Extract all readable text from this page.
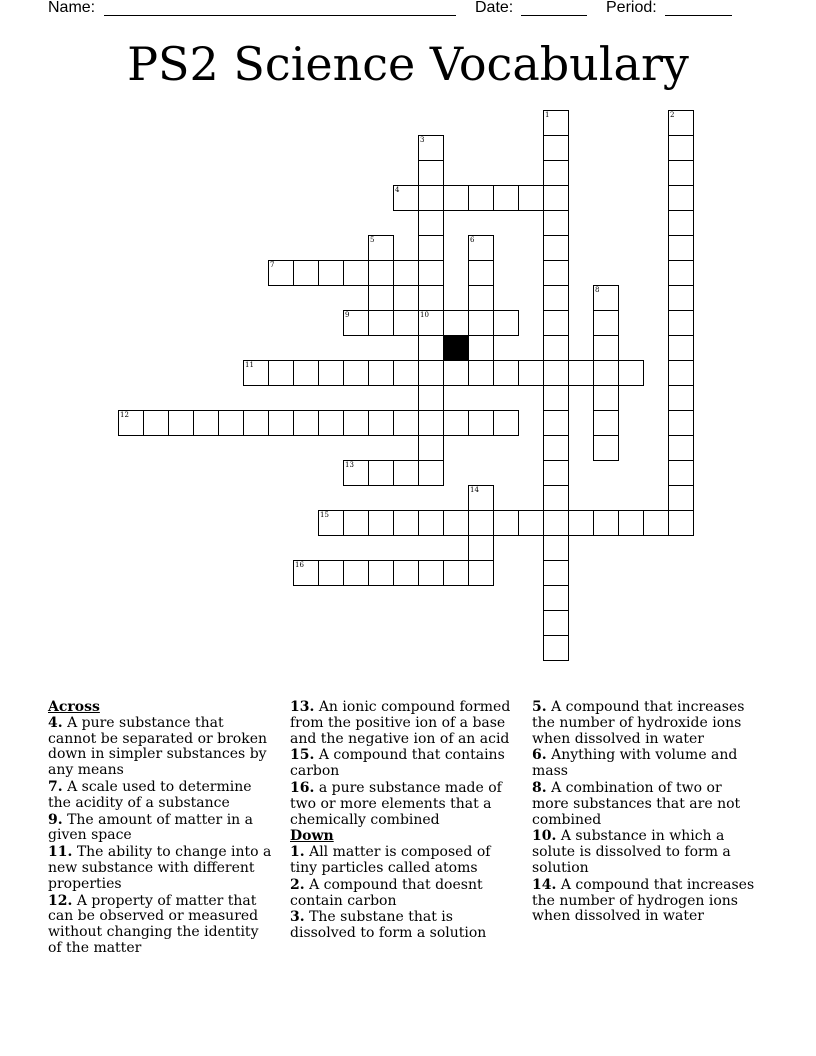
Name:	Date:	Period:
PS2 Science Vocabulary
1	2
3
10
4
5	6
7
8
9
11
12
13
14
15
16

Across

4. A pure substance that cannot be separated or broken down in simpler substances by any means

7. A scale used to determine the acidity of a substance

9. The amount of matter in a given space

11. The ability to change into a new substance with different properties

12. A property of matter that can be observed or measured without changing the identity of the matter

13. An ionic compound formed from the positive ion of a base and the negative ion of an acid

15. A compound that contains carbon

16. a pure substance made of two or more elements that a chemically combined

Down

1. All matter is composed of tiny particles called atoms

2. A compound that doesnt contain carbon

3. The substane that is dissolved to form a solution

5. A compound that increases the number of hydroxide ions when dissolved in water

6. Anything with volume and mass

8. A combination of two or more substances that are not combined

10. A substance in which a solute is dissolved to form a solution

14. A compound that increases the number of hydrogen ions when dissolved in water
